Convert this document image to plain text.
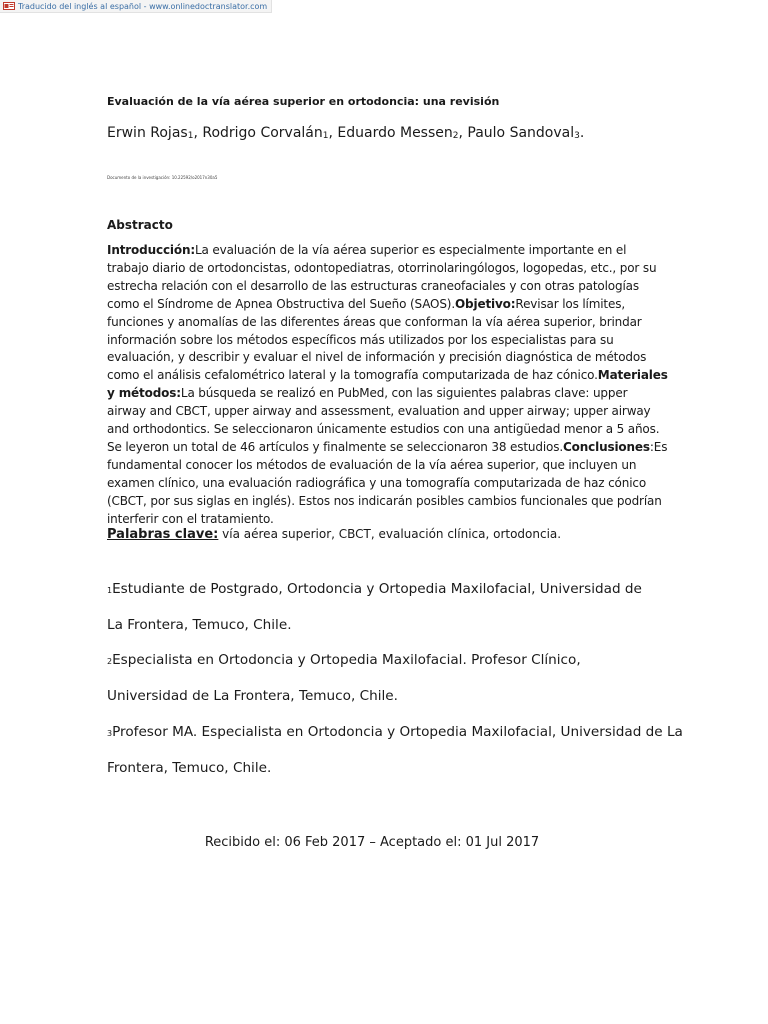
Traducido del inglés al español - www.onlinedoctranslator.com
Evaluación de la vía aérea superior en ortodoncia: una revisión
Erwin Rojas$_1$, Rodrigo Corvalán$_1$, Eduardo Messen$_2$, Paulo Sandoval$_3$.
Documento de la investigación: 10.22592/o2017n30a5
Abstracto
Introducción:La evaluación de la vía aérea superior es especialmente importante en el trabajo diario de ortodoncistas, odontopediatras, otorrinolaringólogos, logopedas, etc., por su estrecha relación con el desarrollo de las estructuras craneofaciales y con otras patologías como el Síndrome de Apnea Obstructiva del Sueño (SAOS).Objetivo:Revisar los límites, funciones y anomalías de las diferentes áreas que conforman la vía aérea superior, brindar información sobre los métodos específicos más utilizados por los especialistas para su evaluación, y describir y evaluar el nivel de información y precisión diagnóstica de métodos como el análisis cefalométrico lateral y la tomografía computarizada de haz cónico.Materiales y métodos:La búsqueda se realizó en PubMed, con las siguientes palabras clave: upper airway and CBCT, upper airway and assessment, evaluation and upper airway; upper airway and orthodontics. Se seleccionaron únicamente estudios con una antigüedad menor a 5 años. Se leyeron un total de 46 artículos y finalmente se seleccionaron 38 estudios.Conclusiones:Es fundamental conocer los métodos de evaluación de la vía aérea superior, que incluyen un examen clínico, una evaluación radiográfica y una tomografía computarizada de haz cónico (CBCT, por sus siglas en inglés). Estos nos indicarán posibles cambios funcionales que podrían interferir con el tratamiento.
Palabras clave: vía aérea superior, CBCT, evaluación clínica, ortodoncia.
1Estudiante de Postgrado, Ortodoncia y Ortopedia Maxilofacial, Universidad de
La Frontera, Temuco, Chile.
2Especialista en Ortodoncia y Ortopedia Maxilofacial. Profesor Clínico,
Universidad de La Frontera, Temuco, Chile.
3Profesor MA. Especialista en Ortodoncia y Ortopedia Maxilofacial, Universidad de La
Frontera, Temuco, Chile.
Recibido el: 06 Feb 2017 – Aceptado el: 01 Jul 2017
